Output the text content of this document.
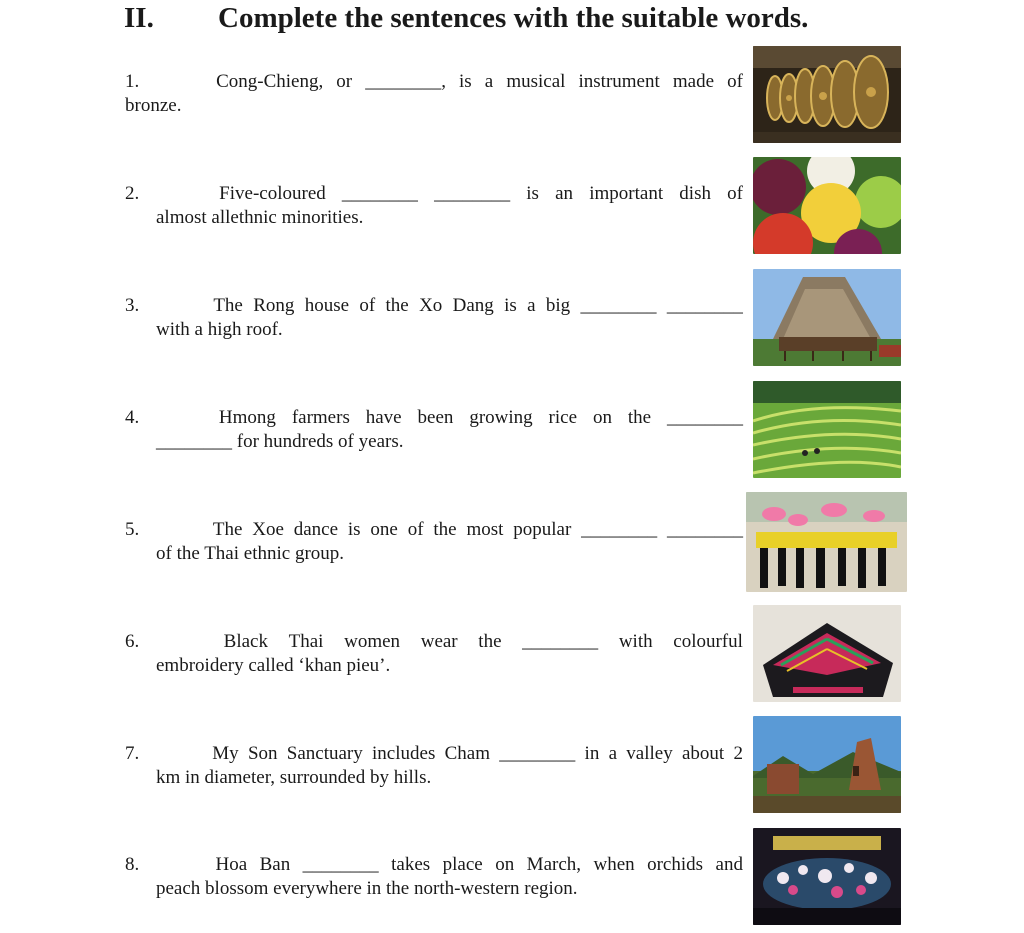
II. Complete the sentences with the suitable words.
1.	Cong-Chieng, or ________, is a musical instrument made of
bronze.
2.	Five-coloured ________ ________ is an important dish of
almost allethnic minorities.
3.	The Rong house of the Xo Dang is a big ________ ________
with a high roof.
4.	Hmong farmers have been growing rice on the ________
________ for hundreds of years.
5.	The Xoe dance is one of the most popular ________ ________
of the Thai ethnic group.
6.	Black Thai women wear the ________ with colourful
embroidery called ‘khan pieu’.
7.	My Son Sanctuary includes Cham ________ in a valley about 2
km in diameter, surrounded by hills.
8.	Hoa Ban ________ takes place on March, when orchids and
peach blossom everywhere in the north-western region.
